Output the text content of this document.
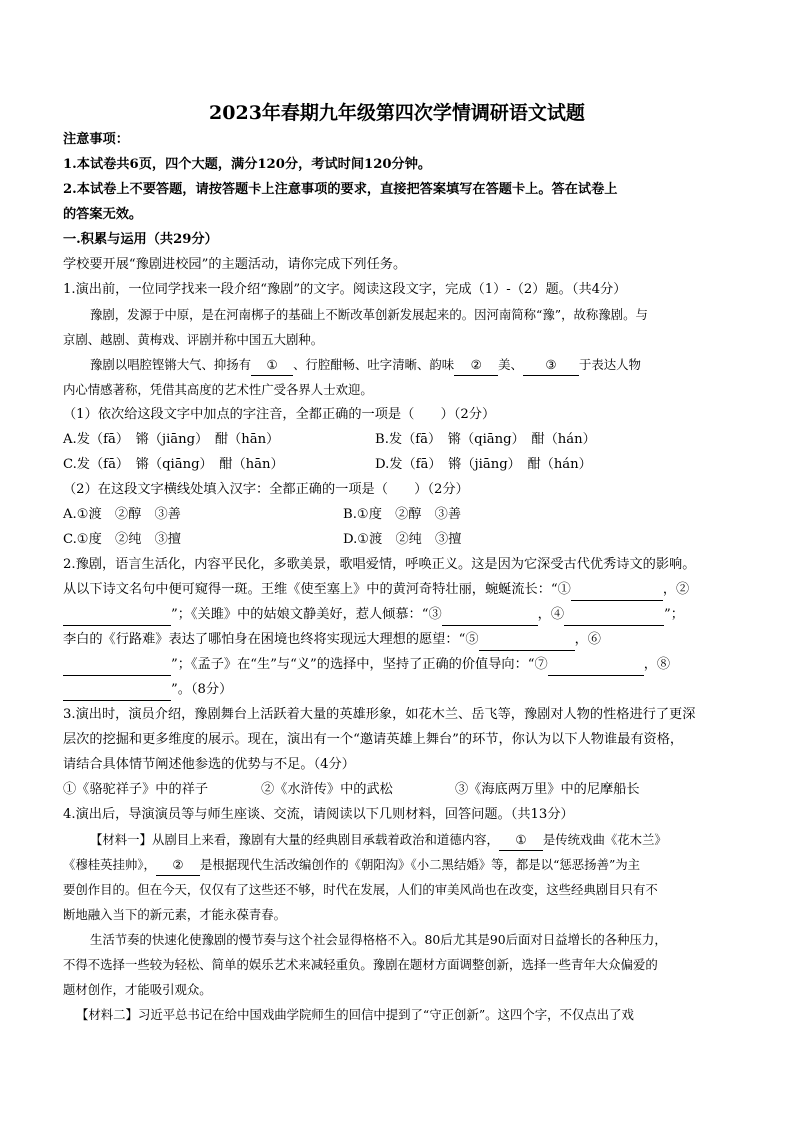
2023年春期九年级第四次学情调研语文试题
注意事项：
1.本试卷共6页，四个大题，满分120分，考试时间120分钟。
2.本试卷上不要答题，请按答题卡上注意事项的要求，直接把答案填写在答题卡上。答在试卷上
的答案无效。
一.积累与运用（共29分）
学校要开展“豫剧进校园”的主题活动，请你完成下列任务。
1.演出前，一位同学找来一段介绍“豫剧”的文字。阅读这段文字，完成（1）-（2）题。（共4分）
豫剧，发源于中原，是在河南梆子的基础上不断改革创新发展起来的。因河南简称“豫”，故称豫剧。与
京剧、越剧、黄梅戏、评剧并称中国五大剧种。
豫剧以唱腔铿锵大气、抑扬有 ① 、行腔酣畅、吐字清晰、韵味 ② 美、 ③ 于表达人物
内心情感著称，凭借其高度的艺术性广受各界人士欢迎。
（1）依次给这段文字中加点的字注音，全都正确的一项是（　　）（2分）
A.发（fā）　锵（jiāng）　酣（hān）	B.发（fā）　锵（qiāng）　酣（hán）
C.发（fā）　锵（qiāng）　酣（hān）	D.发（fā）　锵（jiāng）　酣（hán）
（2）在这段文字横线处填入汉字：全都正确的一项是（　　）（2分）
A.①渡　②醇　③善	B.①度　②醇　③善
C.①度　②纯　③擅	D.①渡　②纯　③擅
2.豫剧，语言生活化，内容平民化，多歌美景，歌唱爱情，呼唤正义。这是因为它深受古代优秀诗文的影响。
从以下诗文名句中便可窥得一斑。王维《使至塞上》中的黄河奇特壮丽，蜿蜒流长：“①	，②
”；《关雎》中的姑娘文静美好，惹人倾慕：“③	，④	”；
李白的《行路难》表达了哪怕身在困境也终将实现远大理想的愿望：“⑤	，⑥
”；《孟子》在“生”与“义”的选择中，坚持了正确的价值导向：“⑦	，⑧
”。（8分）
3.演出时，演员介绍，豫剧舞台上活跃着大量的英雄形象，如花木兰、岳飞等，豫剧对人物的性格进行了更深
层次的挖掘和更多维度的展示。现在，演出有一个“邀请英雄上舞台”的环节，你认为以下人物谁最有资格，
请结合具体情节阐述他参选的优势与不足。（4分）
①《骆驼祥子》中的祥子	②《水浒传》中的武松	③《海底两万里》中的尼摩船长
4.演出后，导演演员等与师生座谈、交流，请阅读以下几则材料，回答问题。（共13分）
【材料一】从剧目上来看，豫剧有大量的经典剧目承载着政治和道德内容， ① 是传统戏曲《花木兰》
《穆桂英挂帅》， ② 是根据现代生活改编创作的《朝阳沟》《小二黑结婚》等，都是以“惩恶扬善”为主
要创作目的。但在今天，仅仅有了这些还不够，时代在发展，人们的审美风尚也在改变，这些经典剧目只有不
断地融入当下的新元素，才能永葆青春。
生活节奏的快速化使豫剧的慢节奏与这个社会显得格格不入。80后尤其是90后面对日益增长的各种压力，
不得不选择一些较为轻松、简单的娱乐艺术来减轻重负。豫剧在题材方面调整创新，选择一些青年大众偏爱的
题材创作，才能吸引观众。
【材料二】习近平总书记在给中国戏曲学院师生的回信中提到了“守正创新”。这四个字，不仅点出了戏
